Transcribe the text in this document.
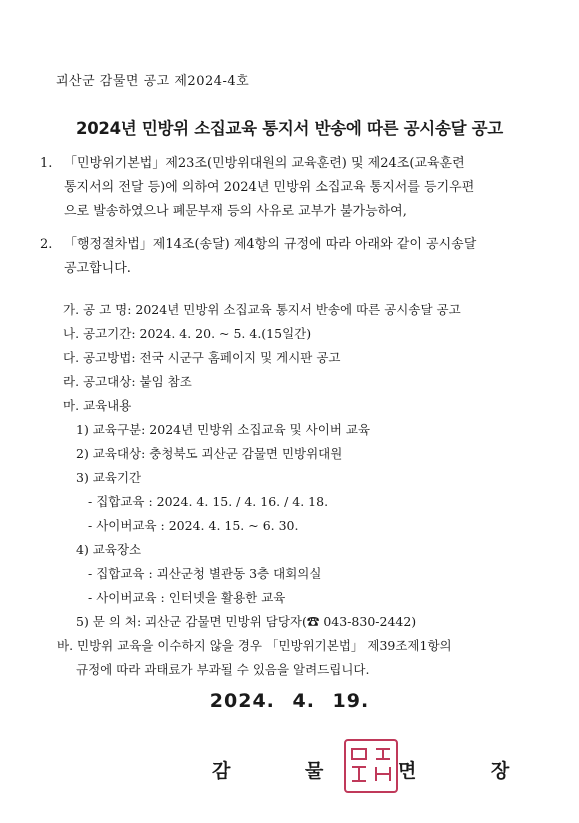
괴산군 감물면 공고 제2024-4호
2024년 민방위 소집교육 통지서 반송에 따른 공시송달 공고
1. 「민방위기본법」제23조(민방위대원의 교육훈련) 및 제24조(교육훈련
통지서의 전달 등)에 의하여 2024년 민방위 소집교육 통지서를 등기우편
으로 발송하였으나 폐문부재 등의 사유로 교부가 불가능하여,
2. 「행정절차법」제14조(송달) 제4항의 규정에 따라 아래와 같이 공시송달
공고합니다.
가. 공 고 명: 2024년 민방위 소집교육 통지서 반송에 따른 공시송달 공고
나. 공고기간: 2024. 4. 20. ~ 5. 4.(15일간)
다. 공고방법: 전국 시군구 홈페이지 및 게시판 공고
라. 공고대상: 붙임 참조
마. 교육내용
1) 교육구분: 2024년 민방위 소집교육 및 사이버 교육
2) 교육대상: 충청북도 괴산군 감물면 민방위대원
3) 교육기간
- 집합교육 : 2024. 4. 15. / 4. 16. / 4. 18.
- 사이버교육 : 2024. 4. 15. ~ 6. 30.
4) 교육장소
- 집합교육 : 괴산군청 별관동 3층 대회의실
- 사이버교육 : 인터넷을 활용한 교육
5) 문 의 처: 괴산군 감물면 민방위 담당자(☎ 043-830-2442)
바. 민방위 교육을 이수하지 않을 경우 「민방위기본법」 제39조제1항의
규정에 따라 과태료가 부과될 수 있음을 알려드립니다.
2024. 4. 19.
감 물 면 장
